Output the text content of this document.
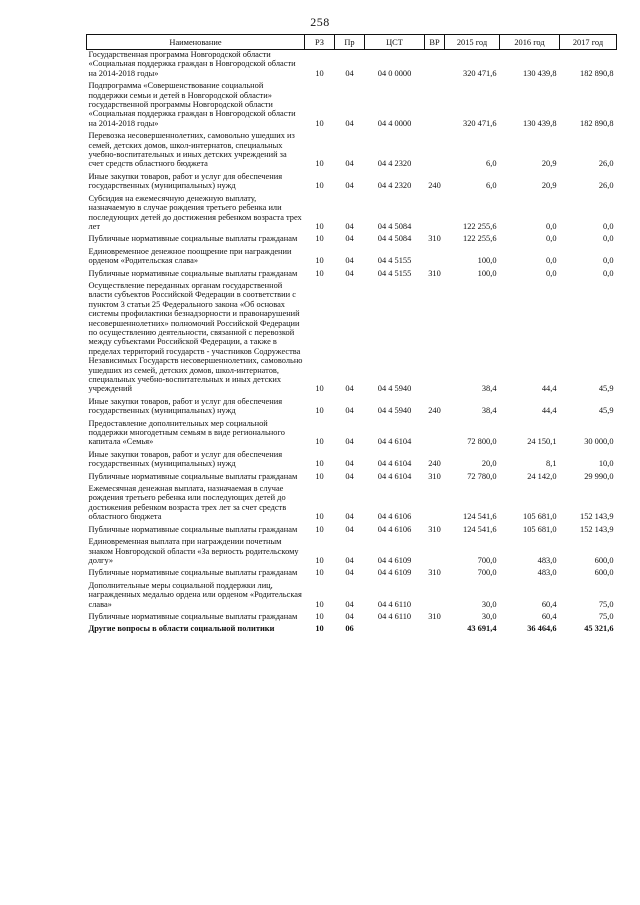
258
Наименование	РЗ	Пр	ЦСТ	ВР	2015 год	2016 год	2017 год
Государственная программа Новгородской области «Социальная поддержка граждан в Новгородской области на 2014-2018 годы»	10	04	04 0 0000		320 471,6	130 439,8	182 890,8
Подпрограмма «Совершенствование социальной поддержки семьи и детей в Новгородской области» государственной программы Новгородской области «Социальная поддержка граждан в Новгородской области на 2014-2018 годы»	10	04	04 4 0000		320 471,6	130 439,8	182 890,8
Перевозка несовершеннолетних, самовольно ушедших из семей, детских домов, школ-интернатов, специальных учебно-воспитательных и иных детских учреждений за счет средств областного бюджета	10	04	04 4 2320		6,0	20,9	26,0
Иные закупки товаров, работ и услуг для обеспечения государственных (муниципальных) нужд	10	04	04 4 2320	240	6,0	20,9	26,0
Субсидия на ежемесячную денежную выплату, назначаемую в случае рождения третьего ребенка или последующих детей до достижения ребенком возраста трех лет	10	04	04 4 5084		122 255,6	0,0	0,0
Публичные нормативные социальные выплаты гражданам	10	04	04 4 5084	310	122 255,6	0,0	0,0
Единовременное денежное поощрение при награждении орденом «Родительская слава»	10	04	04 4 5155		100,0	0,0	0,0
Публичные нормативные социальные выплаты гражданам	10	04	04 4 5155	310	100,0	0,0	0,0
Осуществление переданных органам государственной власти субъектов Российской Федерации в соответствии с пунктом 3 статьи 25 Федерального закона «Об основах системы профилактики безнадзорности и правонарушений несовершеннолетних» полномочий Российской Федерации по осуществлению деятельности, связанной с перевозкой между субъектами Российской Федерации, а также в пределах территорий государств - участников Содружества Независимых Государств несовершеннолетних, самовольно ушедших из семей, детских домов, школ-интернатов, специальных учебно-воспитательных и иных детских учреждений	10	04	04 4 5940		38,4	44,4	45,9
Иные закупки товаров, работ и услуг для обеспечения государственных (муниципальных) нужд	10	04	04 4 5940	240	38,4	44,4	45,9
Предоставление дополнительных мер социальной поддержки многодетным семьям в виде регионального капитала «Семья»	10	04	04 4 6104		72 800,0	24 150,1	30 000,0
Иные закупки товаров, работ и услуг для обеспечения государственных (муниципальных) нужд	10	04	04 4 6104	240	20,0	8,1	10,0
Публичные нормативные социальные выплаты гражданам	10	04	04 4 6104	310	72 780,0	24 142,0	29 990,0
Ежемесячная денежная выплата, назначаемая в случае рождения третьего ребенка или последующих детей до достижения ребенком возраста трех лет за счет средств областного бюджета	10	04	04 4 6106		124 541,6	105 681,0	152 143,9
Публичные нормативные социальные выплаты гражданам	10	04	04 4 6106	310	124 541,6	105 681,0	152 143,9
Единовременная выплата при награждении почетным знаком Новгородской области «За верность родительскому долгу»	10	04	04 4 6109		700,0	483,0	600,0
Публичные нормативные социальные выплаты гражданам	10	04	04 4 6109	310	700,0	483,0	600,0
Дополнительные меры социальной поддержки лиц, награжденных медалью ордена или орденом «Родительская слава»	10	04	04 4 6110		30,0	60,4	75,0
Публичные нормативные социальные выплаты гражданам	10	04	04 4 6110	310	30,0	60,4	75,0
Другие вопросы в области социальной политики	10	06			43 691,4	36 464,6	45 321,6
